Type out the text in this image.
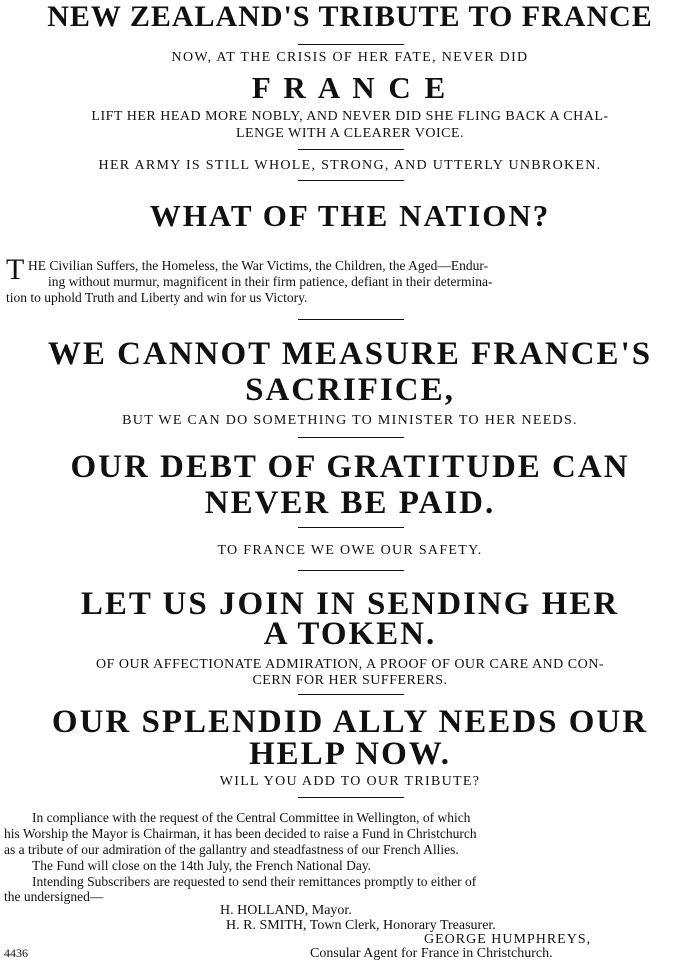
NEW ZEALAND'S TRIBUTE TO FRANCE
NOW, AT THE CRISIS OF HER FATE, NEVER DID
F R A N C E
LIFT HER HEAD MORE NOBLY, AND NEVER DID SHE FLING BACK A CHAL-
LENGE WITH A CLEARER VOICE.
HER ARMY IS STILL WHOLE, STRONG, AND UTTERLY UNBROKEN.
WHAT OF THE NATION?
T HE Civilian Suffers, the Homeless, the War Victims, the Children, the Aged—Endur-
ing without murmur, magnificent in their firm patience, defiant in their determina-
tion to uphold Truth and Liberty and win for us Victory.
WE CANNOT MEASURE FRANCE'S
SACRIFICE,
BUT WE CAN DO SOMETHING TO MINISTER TO HER NEEDS.
OUR DEBT OF GRATITUDE CAN
NEVER BE PAID.
TO FRANCE WE OWE OUR SAFETY.
LET US JOIN IN SENDING HER
A TOKEN.
OF OUR AFFECTIONATE ADMIRATION, A PROOF OF OUR CARE AND CON-
CERN FOR HER SUFFERERS.
OUR SPLENDID ALLY NEEDS OUR
HELP NOW.
WILL YOU ADD TO OUR TRIBUTE?
In compliance with the request of the Central Committee in Wellington, of which
his Worship the Mayor is Chairman, it has been decided to raise a Fund in Christchurch
as a tribute of our admiration of the gallantry and steadfastness of our French Allies.
The Fund will close on the 14th July, the French National Day.
Intending Subscribers are requested to send their remittances promptly to either of
the undersigned—
H. HOLLAND, Mayor.
H. R. SMITH, Town Clerk, Honorary Treasurer.
GEORGE HUMPHREYS,
Consular Agent for France in Christchurch.
4436
